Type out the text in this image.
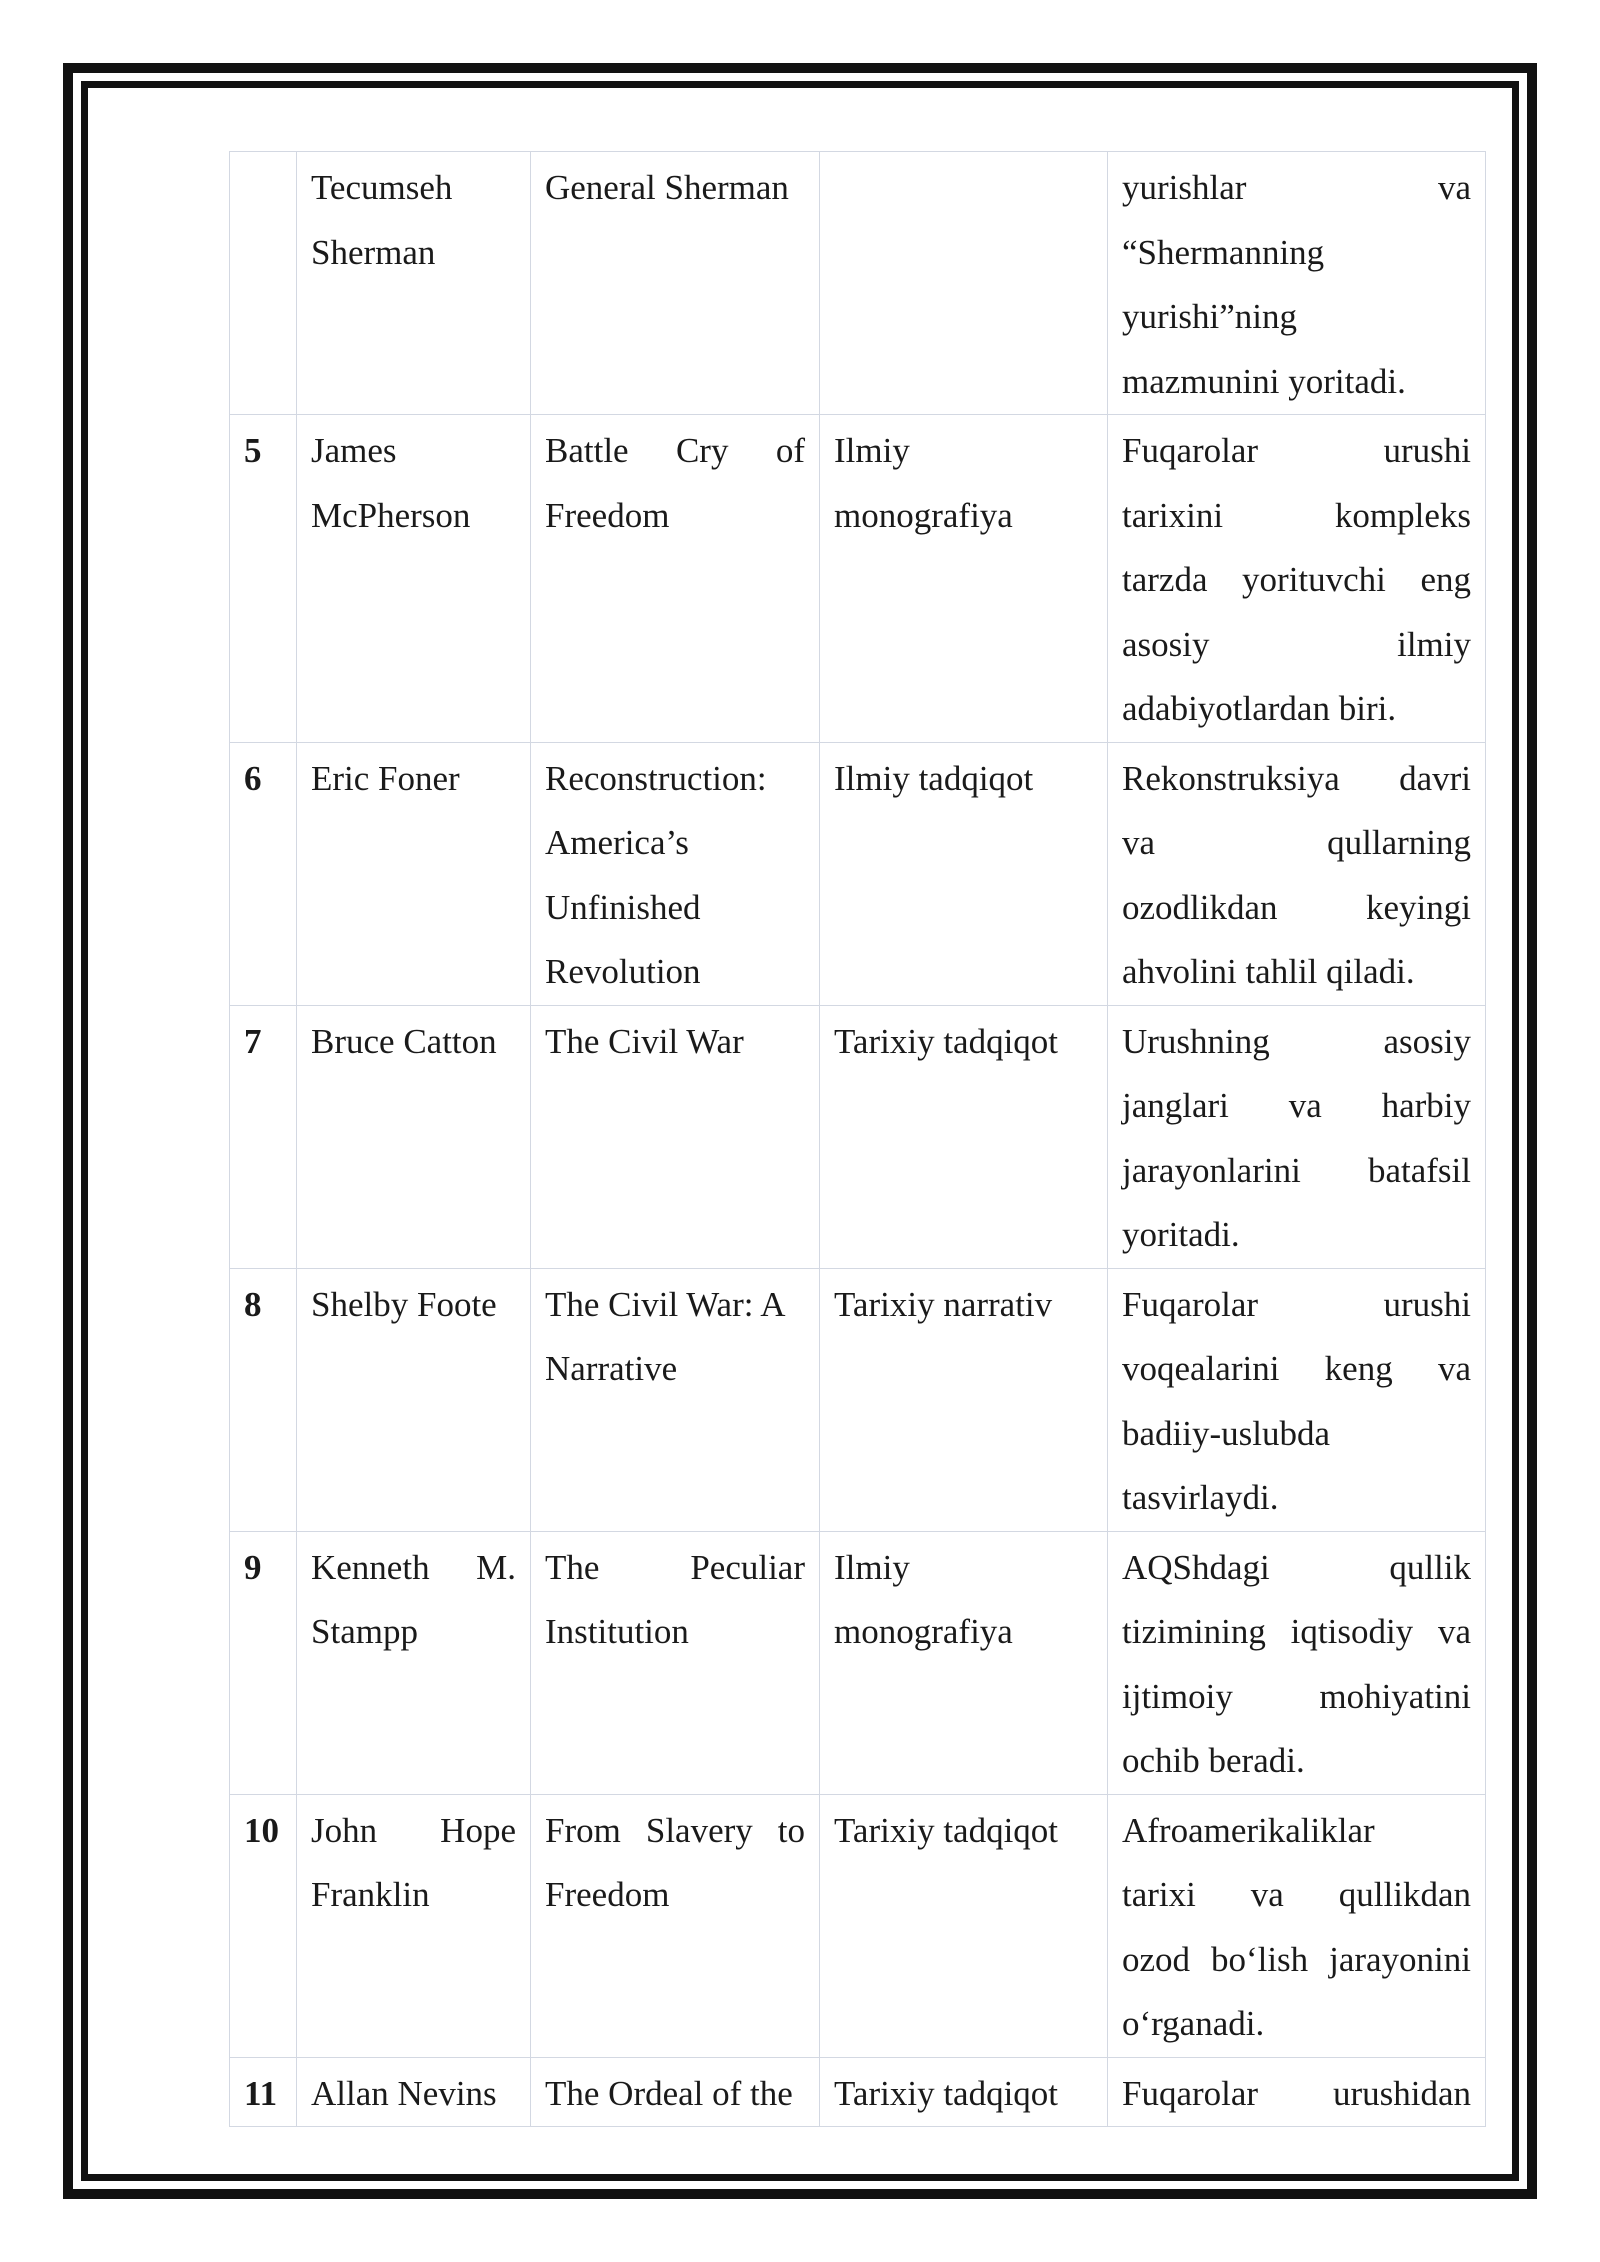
	Tecumseh Sherman	General Sherman		yurishlar va
“Shermanning
yurishi”ning
mazmunini yoritadi.

5	James McPherson	Battle Cry of
Freedom	Ilmiy monografiya	Fuqarolar urushi
tarixini kompleks
tarzda yorituvchi eng
asosiy ilmiy
adabiyotlardan biri.

6	Eric Foner	Reconstruction:
America’s
Unfinished
Revolution	Ilmiy tadqiqot	Rekonstruksiya davri
va qullarning
ozodlikdan keyingi
ahvolini tahlil qiladi.

7	Bruce Catton	The Civil War	Tarixiy tadqiqot	Urushning asosiy
janglari va harbiy
jarayonlarini batafsil
yoritadi.

8	Shelby Foote	The Civil War: A
Narrative	Tarixiy narrativ	Fuqarolar urushi
voqealarini keng va
badiiy-uslubda
tasvirlaydi.

9	Kenneth M.
Stampp	The Peculiar
Institution	Ilmiy monografiya	AQShdagi qullik
tizimining iqtisodiy va
ijtimoiy mohiyatini
ochib beradi.

10	John Hope
Franklin	From Slavery to
Freedom	Tarixiy tadqiqot	Afroamerikaliklar
tarixi va qullikdan
ozod bo‘lish jarayonini
o‘rganadi.

11	Allan Nevins	The Ordeal of the	Tarixiy tadqiqot	Fuqarolar urushidan
